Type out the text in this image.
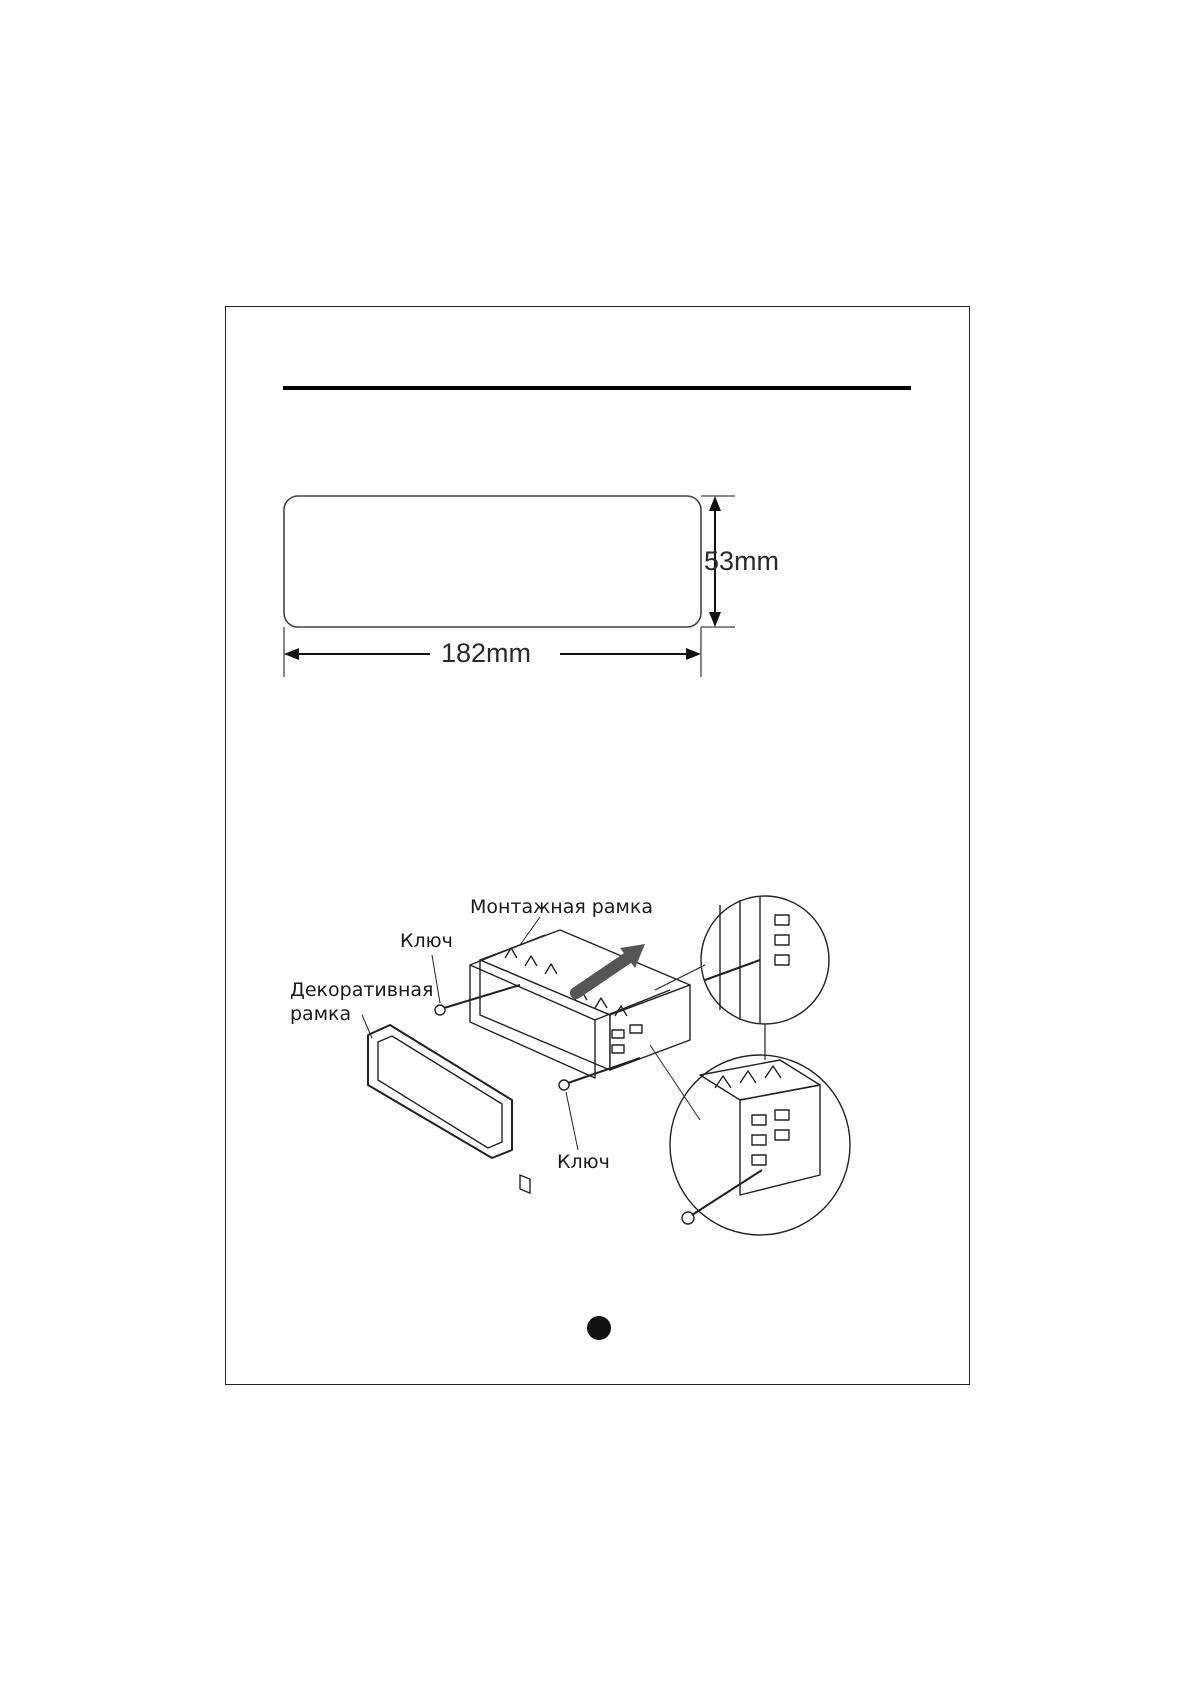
53mm
182mm
Монтажная рамка
Ключ
Декоративная
рамка
Ключ
